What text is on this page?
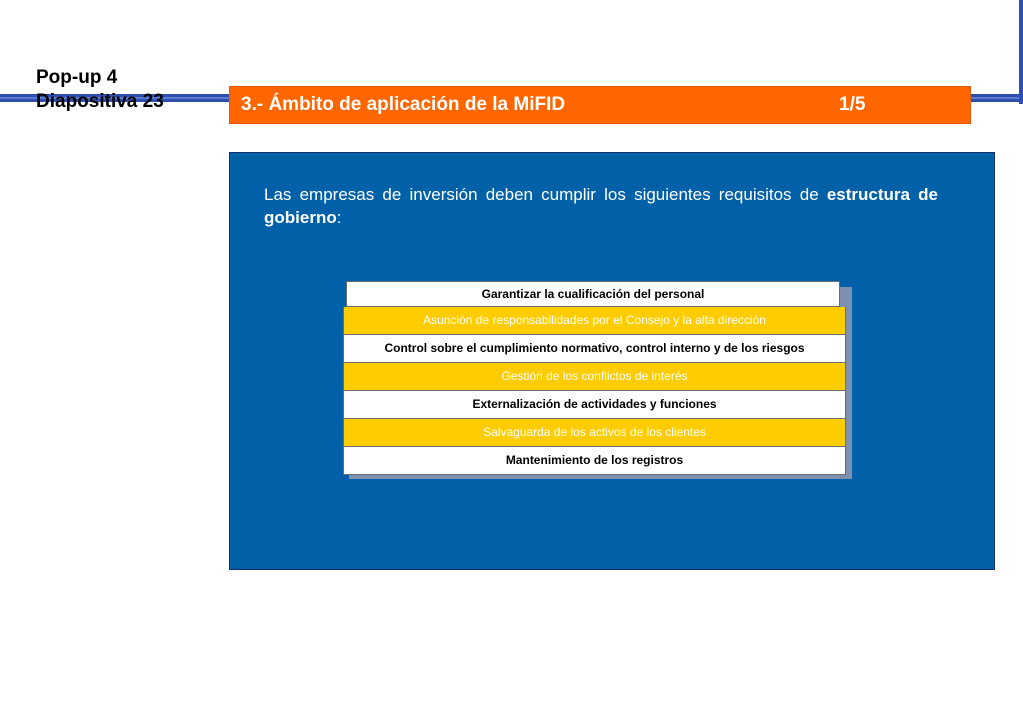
Pop-up 4
Diapositiva 23	3.- Ámbito de aplicación de la MiFID	1/5

Las empresas de inversión deben cumplir los siguientes requisitos de estructura de gobierno:

Garantizar la cualificación del personal
Asunción de responsabilidades por el Consejo y la alta dirección
Control sobre el cumplimiento normativo, control interno y de los riesgos
Gestión de los conflictos de interés
Externalización de actividades y funciones
Salvaguarda de los activos de los clientes
Mantenimiento de los registros
